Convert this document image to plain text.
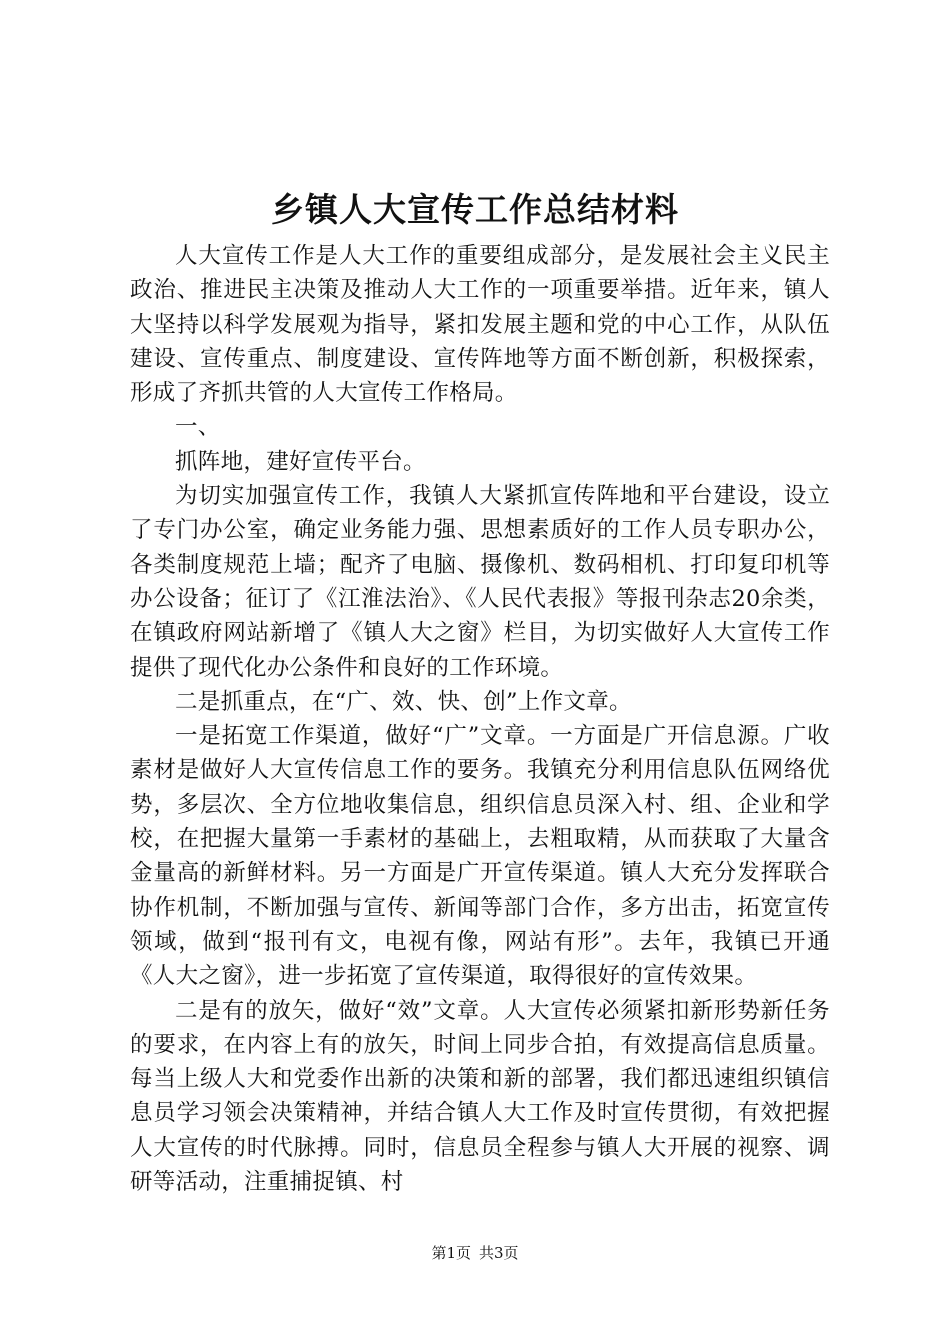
乡镇人大宣传工作总结材料

人大宣传工作是人大工作的重要组成部分，是发展社会主义民主政治、推进民主决策及推动人大工作的一项重要举措。近年来，镇人大坚持以科学发展观为指导，紧扣发展主题和党的中心工作，从队伍建设、宣传重点、制度建设、宣传阵地等方面不断创新，积极探索，形成了齐抓共管的人大宣传工作格局。

一、

抓阵地，建好宣传平台。

为切实加强宣传工作，我镇人大紧抓宣传阵地和平台建设，设立了专门办公室，确定业务能力强、思想素质好的工作人员专职办公，各类制度规范上墙；配齐了电脑、摄像机、数码相机、打印复印机等办公设备；征订了《江淮法治》、《人民代表报》等报刊杂志20余类，在镇政府网站新增了《镇人大之窗》栏目，为切实做好人大宣传工作提供了现代化办公条件和良好的工作环境。

二是抓重点，在“广、效、快、创”上作文章。

一是拓宽工作渠道，做好“广”文章。一方面是广开信息源。广收素材是做好人大宣传信息工作的要务。我镇充分利用信息队伍网络优势，多层次、全方位地收集信息，组织信息员深入村、组、企业和学校，在把握大量第一手素材的基础上，去粗取精，从而获取了大量含金量高的新鲜材料。另一方面是广开宣传渠道。镇人大充分发挥联合协作机制，不断加强与宣传、新闻等部门合作，多方出击，拓宽宣传领域，做到“报刊有文，电视有像，网站有形”。去年，我镇已开通《人大之窗》，进一步拓宽了宣传渠道，取得很好的宣传效果。

二是有的放矢，做好“效”文章。人大宣传必须紧扣新形势新任务的要求，在内容上有的放矢，时间上同步合拍，有效提高信息质量。每当上级人大和党委作出新的决策和新的部署，我们都迅速组织镇信息员学习领会决策精神，并结合镇人大工作及时宣传贯彻，有效把握人大宣传的时代脉搏。同时，信息员全程参与镇人大开展的视察、调研等活动，注重捕捉镇、村

第1页 共3页
